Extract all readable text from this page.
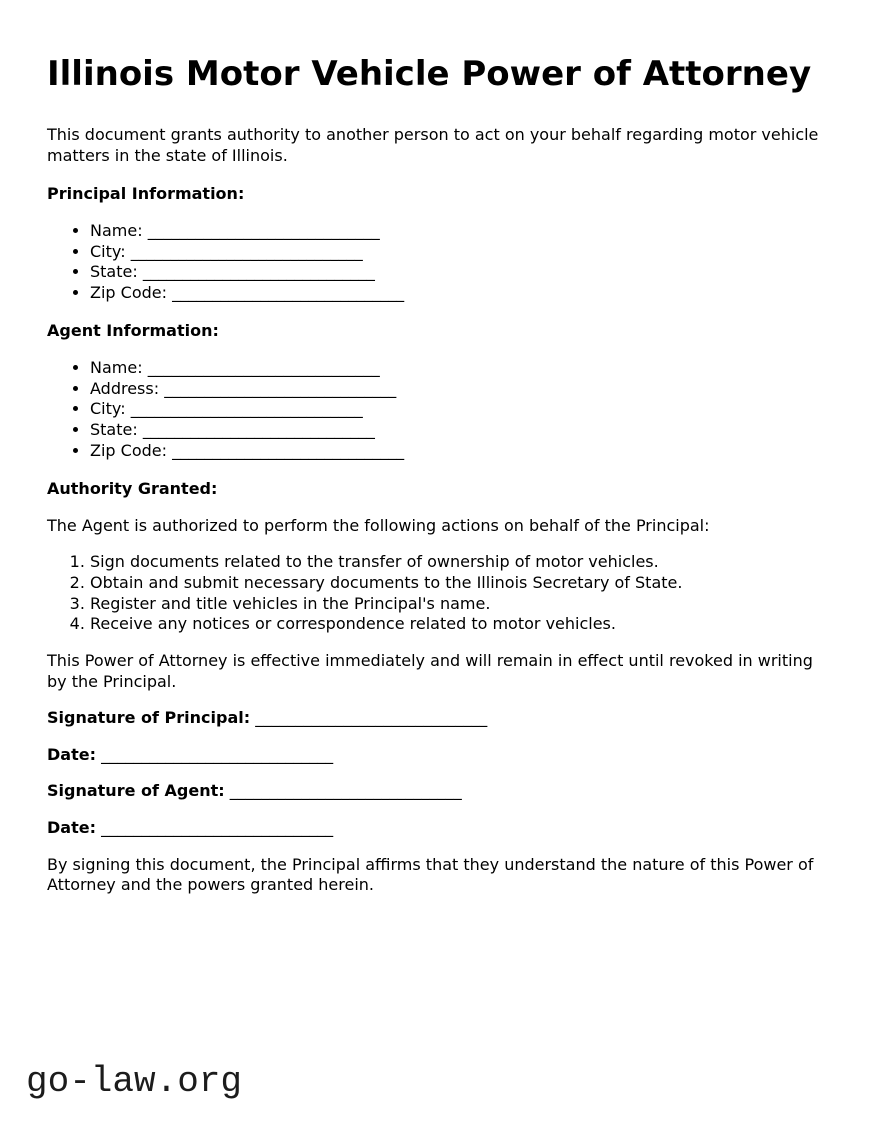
Illinois Motor Vehicle Power of Attorney

This document grants authority to another person to act on your behalf regarding motor vehicle matters in the state of Illinois.

Principal Information:
• Name: _____________________________
• City: _____________________________
• State: _____________________________
• Zip Code: _____________________________
Agent Information:
• Name: _____________________________
• Address: _____________________________
• City: _____________________________
• State: _____________________________
• Zip Code: _____________________________
Authority Granted:

The Agent is authorized to perform the following actions on behalf of the Principal:

1. Sign documents related to the transfer of ownership of motor vehicles.
2. Obtain and submit necessary documents to the Illinois Secretary of State.
3. Register and title vehicles in the Principal's name.
4. Receive any notices or correspondence related to motor vehicles.

This Power of Attorney is effective immediately and will remain in effect until revoked in writing by the Principal.

Signature of Principal: _____________________________

Date: _____________________________

Signature of Agent: _____________________________

Date: _____________________________

By signing this document, the Principal affirms that they understand the nature of this Power of Attorney and the powers granted herein.

go-law.org
